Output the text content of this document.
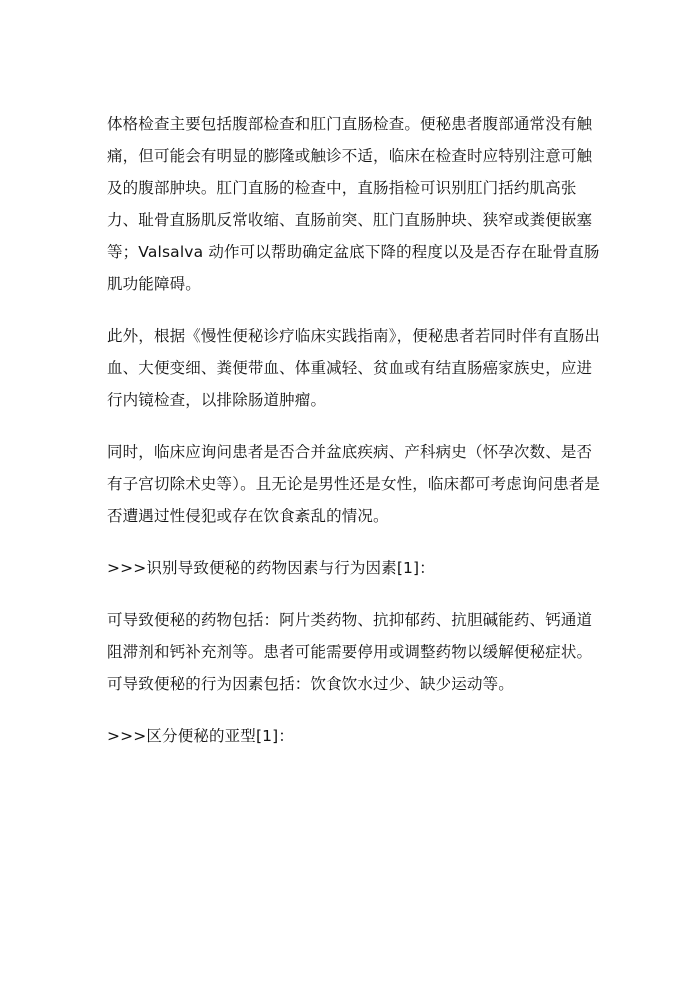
体格检查主要包括腹部检查和肛门直肠检查。便秘患者腹部通常没有触痛，但可能会有明显的膨隆或触诊不适，临床在检查时应特别注意可触及的腹部肿块。肛门直肠的检查中，直肠指检可识别肛门括约肌高张力、耻骨直肠肌反常收缩、直肠前突、肛门直肠肿块、狭窄或粪便嵌塞等；Valsalva 动作可以帮助确定盆底下降的程度以及是否存在耻骨直肠肌功能障碍。

此外，根据《慢性便秘诊疗临床实践指南》，便秘患者若同时伴有直肠出血、大便变细、粪便带血、体重减轻、贫血或有结直肠癌家族史，应进行内镜检查，以排除肠道肿瘤。

同时，临床应询问患者是否合并盆底疾病、产科病史（怀孕次数、是否有子宫切除术史等）。且无论是男性还是女性，临床都可考虑询问患者是否遭遇过性侵犯或存在饮食紊乱的情况。

>>>识别导致便秘的药物因素与行为因素[1]：

可导致便秘的药物包括：阿片类药物、抗抑郁药、抗胆碱能药、钙通道阻滞剂和钙补充剂等。患者可能需要停用或调整药物以缓解便秘症状。

可导致便秘的行为因素包括：饮食饮水过少、缺少运动等。

>>>区分便秘的亚型[1]：
